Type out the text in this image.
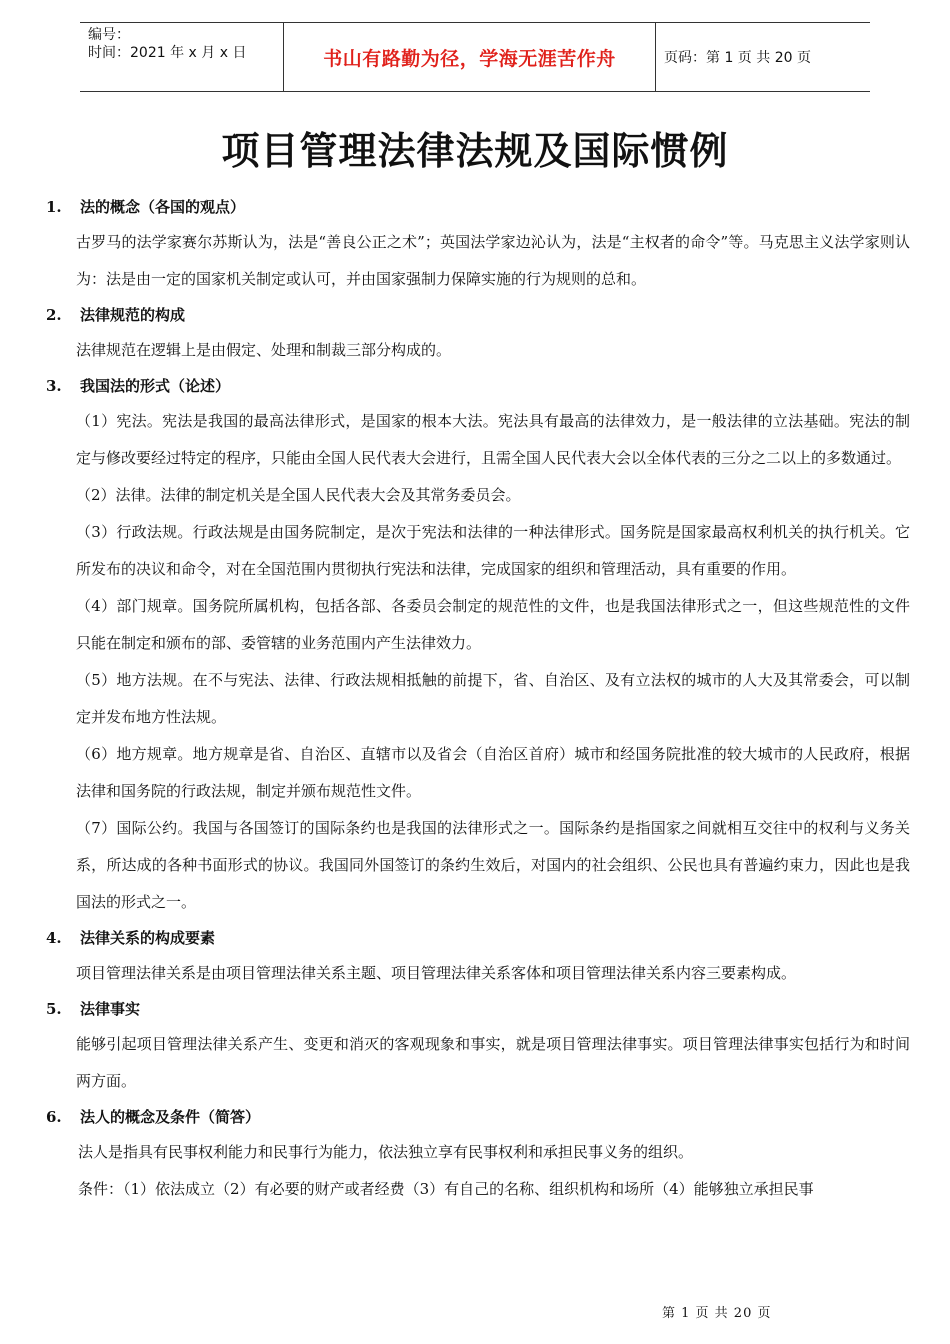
编号：
时间：2021 年 x 月 x 日	书山有路勤为径，学海无涯苦作舟	页码：第 1 页 共 20 页
项目管理法律法规及国际惯例
1. 法的概念（各国的观点）

古罗马的法学家赛尔苏斯认为，法是“善良公正之术”；英国法学家边沁认为，法是“主权者的命令”等。马克思主义法学家则认为：法是由一定的国家机关制定或认可，并由国家强制力保障实施的行为规则的总和。

2. 法律规范的构成

法律规范在逻辑上是由假定、处理和制裁三部分构成的。

3. 我国法的形式（论述）

（1）宪法。宪法是我国的最高法律形式，是国家的根本大法。宪法具有最高的法律效力，是一般法律的立法基础。宪法的制定与修改要经过特定的程序，只能由全国人民代表大会进行，且需全国人民代表大会以全体代表的三分之二以上的多数通过。

（2）法律。法律的制定机关是全国人民代表大会及其常务委员会。

（3）行政法规。行政法规是由国务院制定，是次于宪法和法律的一种法律形式。国务院是国家最高权利机关的执行机关。它所发布的决议和命令，对在全国范围内贯彻执行宪法和法律，完成国家的组织和管理活动，具有重要的作用。

（4）部门规章。国务院所属机构，包括各部、各委员会制定的规范性的文件，也是我国法律形式之一，但这些规范性的文件只能在制定和颁布的部、委管辖的业务范围内产生法律效力。

（5）地方法规。在不与宪法、法律、行政法规相抵触的前提下，省、自治区、及有立法权的城市的人大及其常委会，可以制定并发布地方性法规。

（6）地方规章。地方规章是省、自治区、直辖市以及省会（自治区首府）城市和经国务院批准的较大城市的人民政府，根据法律和国务院的行政法规，制定并颁布规范性文件。

（7）国际公约。我国与各国签订的国际条约也是我国的法律形式之一。国际条约是指国家之间就相互交往中的权利与义务关系，所达成的各种书面形式的协议。我国同外国签订的条约生效后，对国内的社会组织、公民也具有普遍约束力，因此也是我国法的形式之一。

4. 法律关系的构成要素

项目管理法律关系是由项目管理法律关系主题、项目管理法律关系客体和项目管理法律关系内容三要素构成。

5. 法律事实

能够引起项目管理法律关系产生、变更和消灭的客观现象和事实，就是项目管理法律事实。项目管理法律事实包括行为和时间两方面。

6. 法人的概念及条件（简答）

法人是指具有民事权利能力和民事行为能力，依法独立享有民事权利和承担民事义务的组织。

条件：（1）依法成立（2）有必要的财产或者经费（3）有自己的名称、组织机构和场所（4）能够独立承担民事

第 1 页 共 20 页
